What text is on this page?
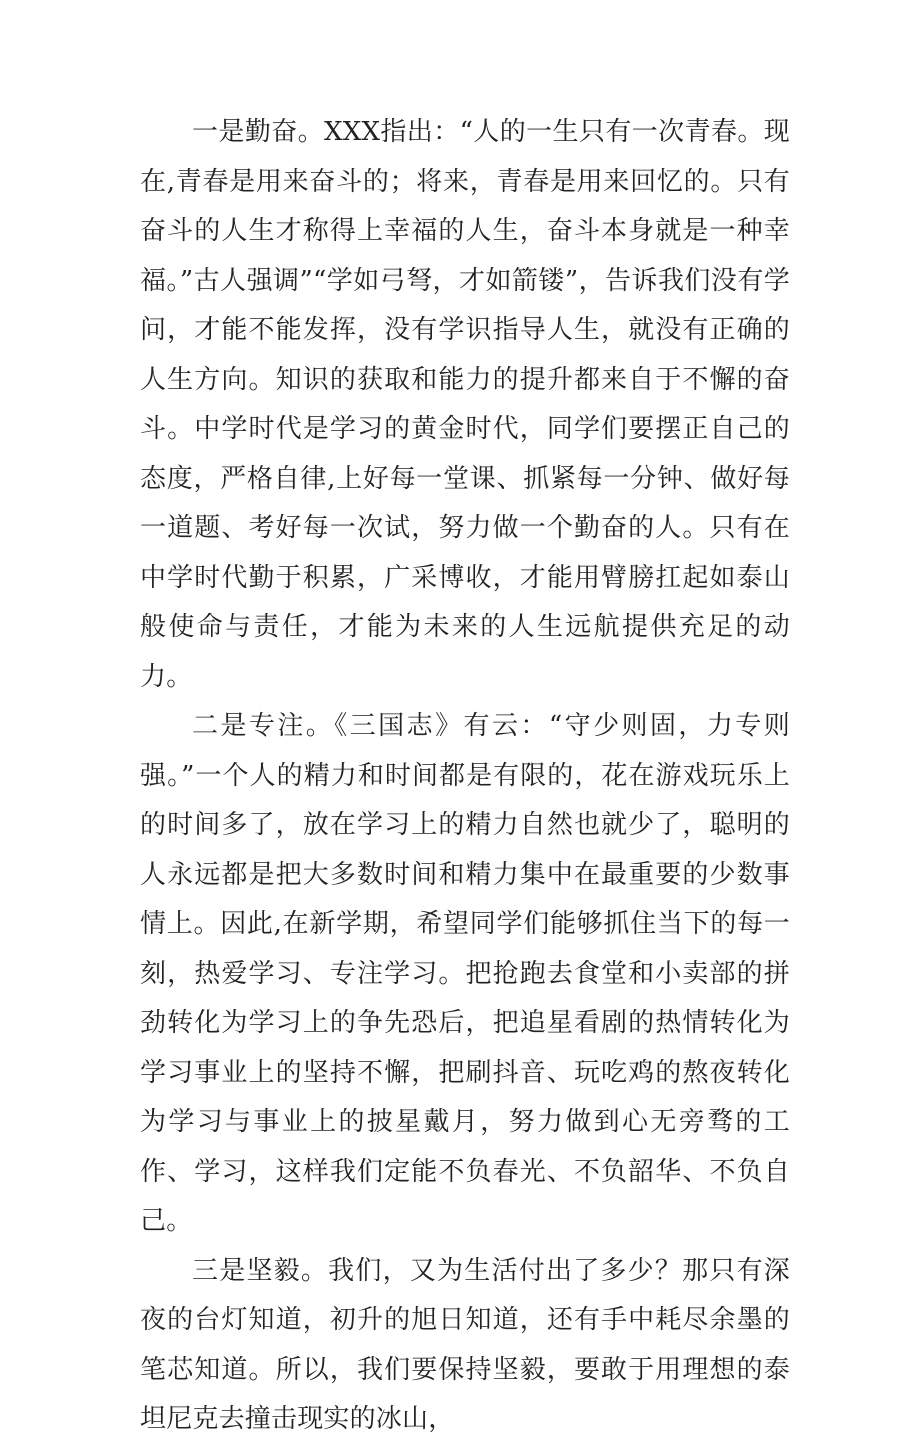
一是勤奋。XXX指出：“人的一生只有一次青春。现在,青春是用来奋斗的；将来，青春是用来回忆的。只有奋斗的人生才称得上幸福的人生，奋斗本身就是一种幸福。”古人强调”“学如弓弩，才如箭镂”，告诉我们没有学问，才能不能发挥，没有学识指导人生，就没有正确的人生方向。知识的获取和能力的提升都来自于不懈的奋斗。中学时代是学习的黄金时代，同学们要摆正自己的态度，严格自律,上好每一堂课、抓紧每一分钟、做好每一道题、考好每一次试，努力做一个勤奋的人。只有在中学时代勤于积累，广采博收，才能用臂膀扛起如泰山般使命与责任，才能为未来的人生远航提供充足的动力。

二是专注。《三国志》有云：“守少则固，力专则强。”一个人的精力和时间都是有限的，花在游戏玩乐上的时间多了，放在学习上的精力自然也就少了，聪明的人永远都是把大多数时间和精力集中在最重要的少数事情上。因此,在新学期，希望同学们能够抓住当下的每一刻，热爱学习、专注学习。把抢跑去食堂和小卖部的拼劲转化为学习上的争先恐后，把追星看剧的热情转化为学习事业上的坚持不懈，把刷抖音、玩吃鸡的熬夜转化为学习与事业上的披星戴月，努力做到心无旁骛的工作、学习，这样我们定能不负春光、不负韶华、不负自己。

三是坚毅。我们，又为生活付出了多少？那只有深夜的台灯知道，初升的旭日知道，还有手中耗尽余墨的笔芯知道。所以，我们要保持坚毅，要敢于用理想的泰坦尼克去撞击现实的冰山，
